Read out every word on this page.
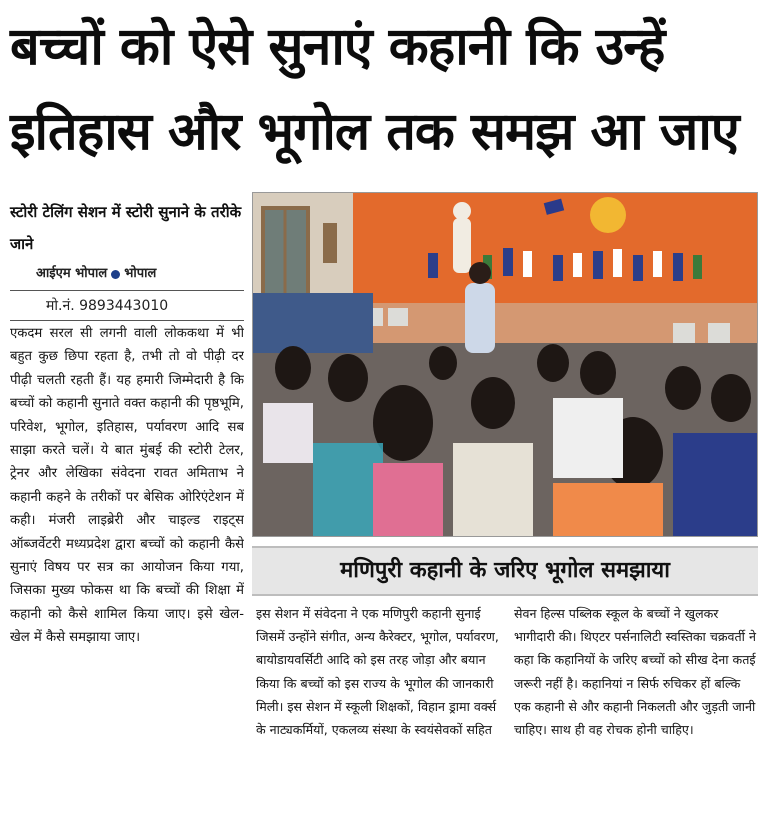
बच्चों को ऐसे सुनाएं कहानी कि उन्हें
इतिहास और भूगोल तक समझ आ जाए
स्टोरी टेलिंग सेशन में स्टोरी सुनाने के तरीके जाने
आईएम भोपाल भोपाल
मो.नं. 9893443010
एकदम सरल सी लगनी वाली लोककथा में भी बहुत कुछ छिपा रहता है, तभी तो वो पीढ़ी दर पीढ़ी चलती रहती हैं। यह हमारी जिम्मेदारी है कि बच्चों को कहानी सुनाते वक्त कहानी की पृष्ठभूमि, परिवेश, भूगोल, इतिहास, पर्यावरण आदि सब साझा करते चलें। ये बात मुंबई की स्टोरी टेलर, ट्रेनर और लेखिका संवेदना रावत अमिताभ ने कहानी कहने के तरीकों पर बेसिक ओरिएंटेशन में कही। मंजरी लाइब्रेरी और चाइल्ड राइट्स ऑब्जर्वेटरी मध्यप्रदेश द्वारा बच्चों को कहानी कैसे सुनाएं विषय पर सत्र का आयोजन किया गया, जिसका मुख्य फोकस था कि बच्चों की शिक्षा में कहानी को कैसे शामिल किया जाए। इसे खेल-खेल में कैसे समझाया जाए।
मणिपुरी कहानी के जरिए भूगोल समझाया
इस सेशन में संवेदना ने एक मणिपुरी कहानी सुनाई जिसमें उन्होंने संगीत, अन्य कैरेक्टर, भूगोल, पर्यावरण, बायोडायवर्सिटी आदि को इस तरह जोड़ा और बयान किया कि बच्चों को इस राज्य के भूगोल की जानकारी मिली। इस सेशन में स्कूली शिक्षकों, विहान ड्रामा वर्क्स के नाट्यकर्मियों, एकलव्य संस्था के स्वयंसेवकों सहित
सेवन हिल्स पब्लिक स्कूल के बच्चों ने खुलकर भागीदारी की। थिएटर पर्सनालिटी स्वस्तिका चक्रवर्ती ने कहा कि कहानियों के जरिए बच्चों को सीख देना कतई जरूरी नहीं है। कहानियां न सिर्फ रुचिकर हों बल्कि एक कहानी से और कहानी निकलती और जुड़ती जानी चाहिए। साथ ही वह रोचक होनी चाहिए।
